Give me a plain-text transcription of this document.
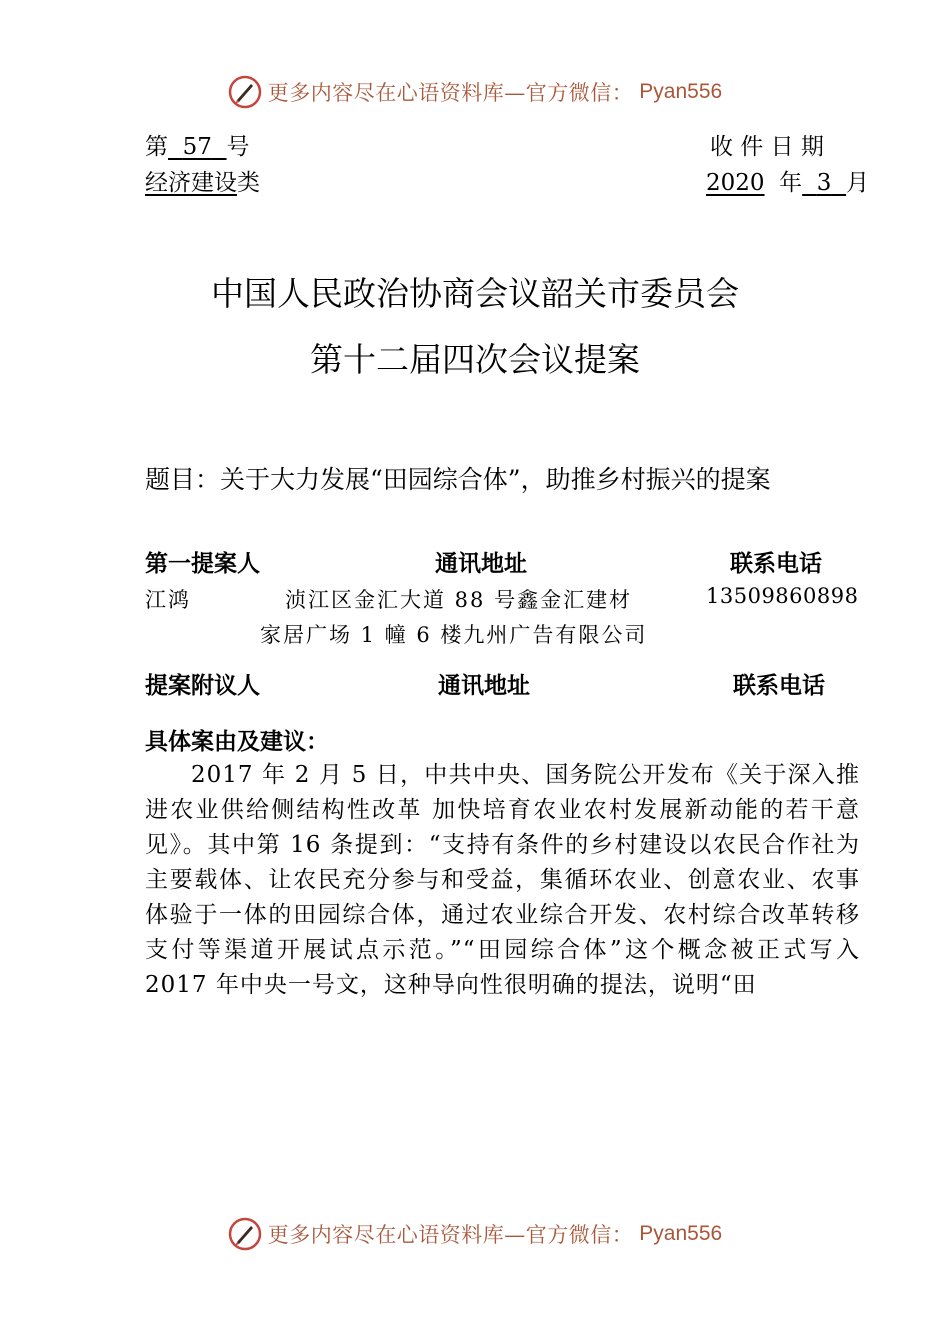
更多内容尽在心语资料库—官方微信： Pyan556
第 57 号	收 件 日 期
经济建设类	2020 年 3 月
中国人民政治协商会议韶关市委员会
第十二届四次会议提案
题目：关于大力发展“田园综合体”，助推乡村振兴的提案
第一提案人	通讯地址	联系电话
江鸿	浈江区金汇大道 88 号鑫金汇建材	13509860898
家居广场 1 幢 6 楼九州广告有限公司
提案附议人	通讯地址	联系电话
具体案由及建议：

2017 年 2 月 5 日，中共中央、国务院公开发布《关于深入推进农业供给侧结构性改革 加快培育农业农村发展新动能的若干意见》。其中第 16 条提到：“支持有条件的乡村建设以农民合作社为主要载体、让农民充分参与和受益，集循环农业、创意农业、农事体验于一体的田园综合体，通过农业综合开发、农村综合改革转移支付等渠道开展试点示范。”“田园综合体”这个概念被正式写入 2017 年中央一号文，这种导向性很明确的提法，说明“田

更多内容尽在心语资料库—官方微信： Pyan556
